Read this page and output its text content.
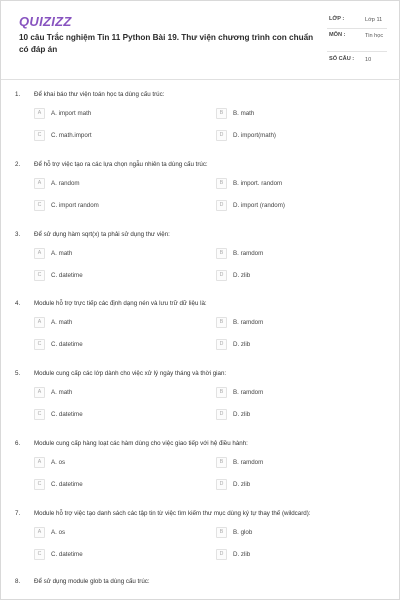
QUIZIZZ
10 câu Trắc nghiệm Tin 11 Python Bài 19. Thư viện chương trình con chuẩn có đáp án
LỚP :	Lớp 11
MÔN :	Tin học
SỐ CÂU : 10
1. Để khai báo thư viện toán học ta dùng cấu trúc:
A	A. import math	B	B. math
C	C. math.import	D	D. import(math)
2. Để hỗ trợ việc tạo ra các lựa chọn ngẫu nhiên ta dùng cấu trúc:
A	A. random	B	B. import. random
C	C. import random	D	D. import (random)
3. Để sử dụng hàm sqrt(x) ta phải sử dụng thư viện:
A	A. math	B	B. ramdom
C	C. datetime	D	D. zlib
4. Module hỗ trợ trực tiếp các định dạng nén và lưu trữ dữ liệu là:
A	A. math	B	B. ramdom
C	C. datetime	D	D. zlib
5. Module cung cấp các lớp dành cho việc xử lý ngày tháng và thời gian:
A	A. math	B	B. ramdom
C	C. datetime	D	D. zlib
6. Module cung cấp hàng loạt các hàm dùng cho việc giao tiếp với hệ điều hành:
A	A. os	B	B. ramdom
C	C. datetime	D	D. zlib
7. Module hỗ trợ việc tạo danh sách các tập tin từ việc tìm kiếm thư mục dùng ký tự thay thế (wildcard):
A	A. os	B	B. glob
C	C. datetime	D	D. zlib
8. Để sử dụng module glob ta dùng cấu trúc:
